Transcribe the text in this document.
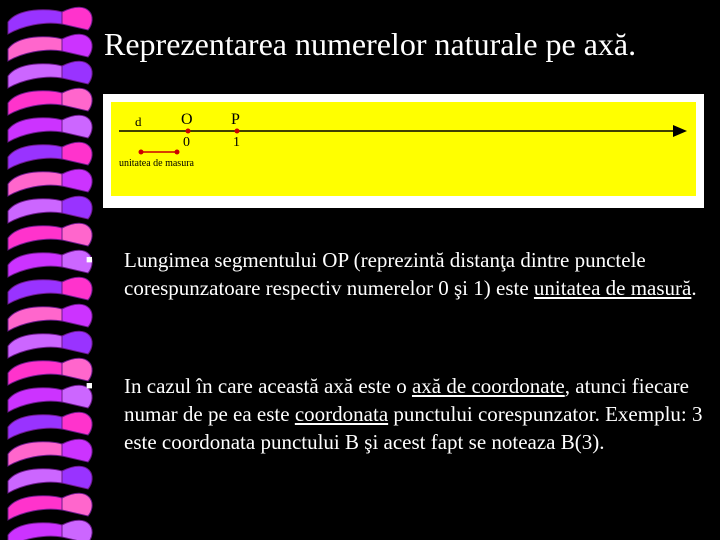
Reprezentarea numerelor naturale pe axă.
d O P
0	1
unitatea de masura
■ Lungimea segmentului OP (reprezintă distanţa dintre punctele corespunzatoare respectiv numerelor 0 şi 1) este unitatea de masură.
■ In cazul în care această axă este o axă de coordonate, atunci fiecare numar de pe ea este coordonata punctului corespunzator. Exemplu: 3 este coordonata punctului B şi acest fapt se noteaza B(3).
